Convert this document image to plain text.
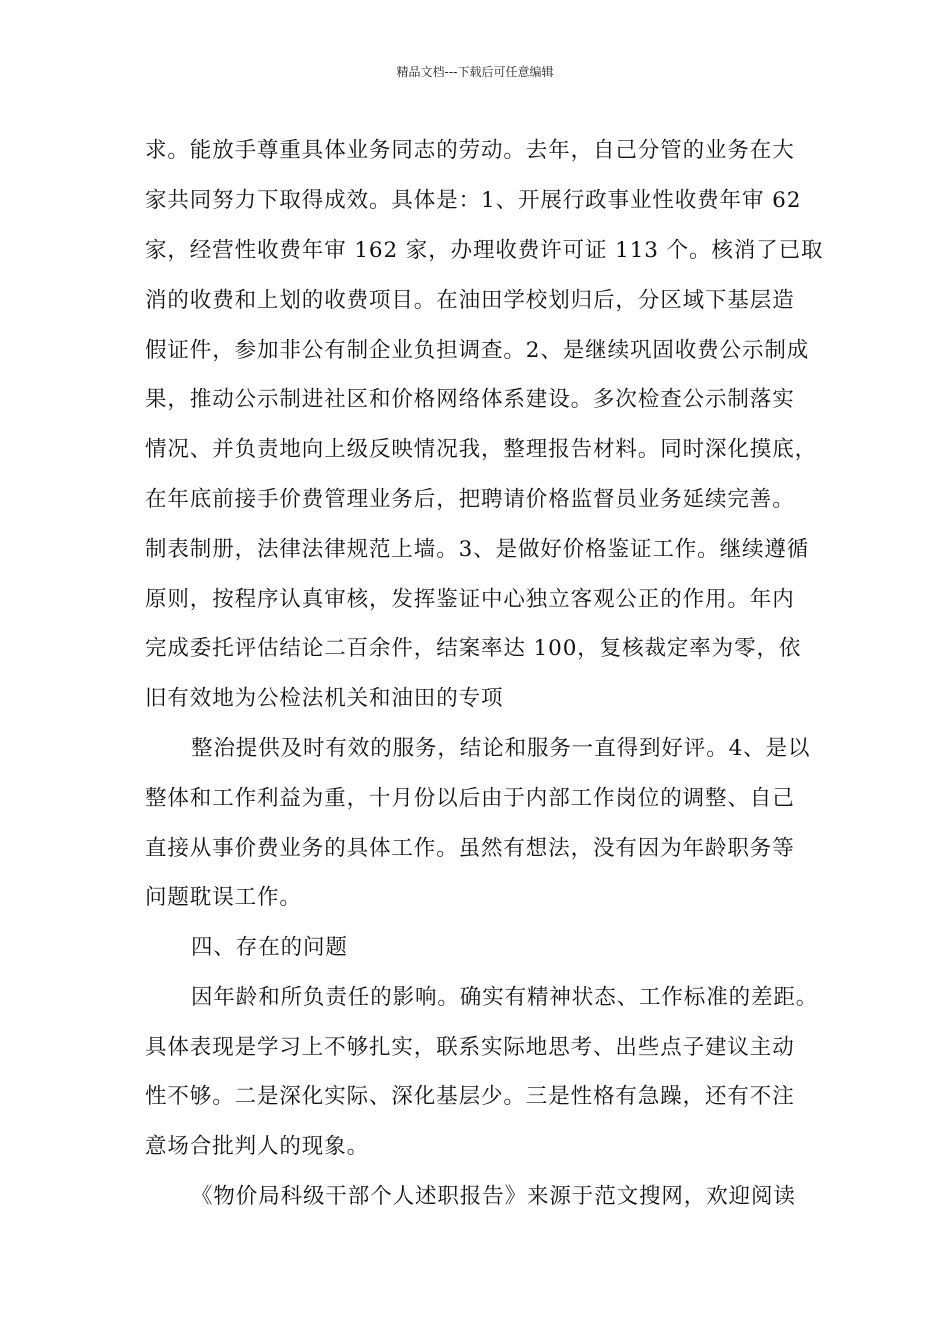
精品文档---下载后可任意编辑
求。能放手尊重具体业务同志的劳动。去年，自己分管的业务在大
家共同努力下取得成效。具体是：1、开展行政事业性收费年审 62
家，经营性收费年审 162 家，办理收费许可证 113 个。核消了已取
消的收费和上划的收费项目。在油田学校划归后，分区域下基层造
假证件，参加非公有制企业负担调查。2、是继续巩固收费公示制成
果，推动公示制进社区和价格网络体系建设。多次检查公示制落实
情况、并负责地向上级反映情况我，整理报告材料。同时深化摸底，
在年底前接手价费管理业务后，把聘请价格监督员业务延续完善。
制表制册，法律法律规范上墙。3、是做好价格鉴证工作。继续遵循
原则，按程序认真审核，发挥鉴证中心独立客观公正的作用。年内
完成委托评估结论二百余件，结案率达 100，复核裁定率为零，依
旧有效地为公检法机关和油田的专项
整治提供及时有效的服务，结论和服务一直得到好评。4、是以
整体和工作利益为重，十月份以后由于内部工作岗位的调整、自己
直接从事价费业务的具体工作。虽然有想法，没有因为年龄职务等
问题耽误工作。
四、存在的问题
因年龄和所负责任的影响。确实有精神状态、工作标准的差距。
具体表现是学习上不够扎实，联系实际地思考、出些点子建议主动
性不够。二是深化实际、深化基层少。三是性格有急躁，还有不注
意场合批判人的现象。
《物价局科级干部个人述职报告》来源于范文搜网，欢迎阅读
